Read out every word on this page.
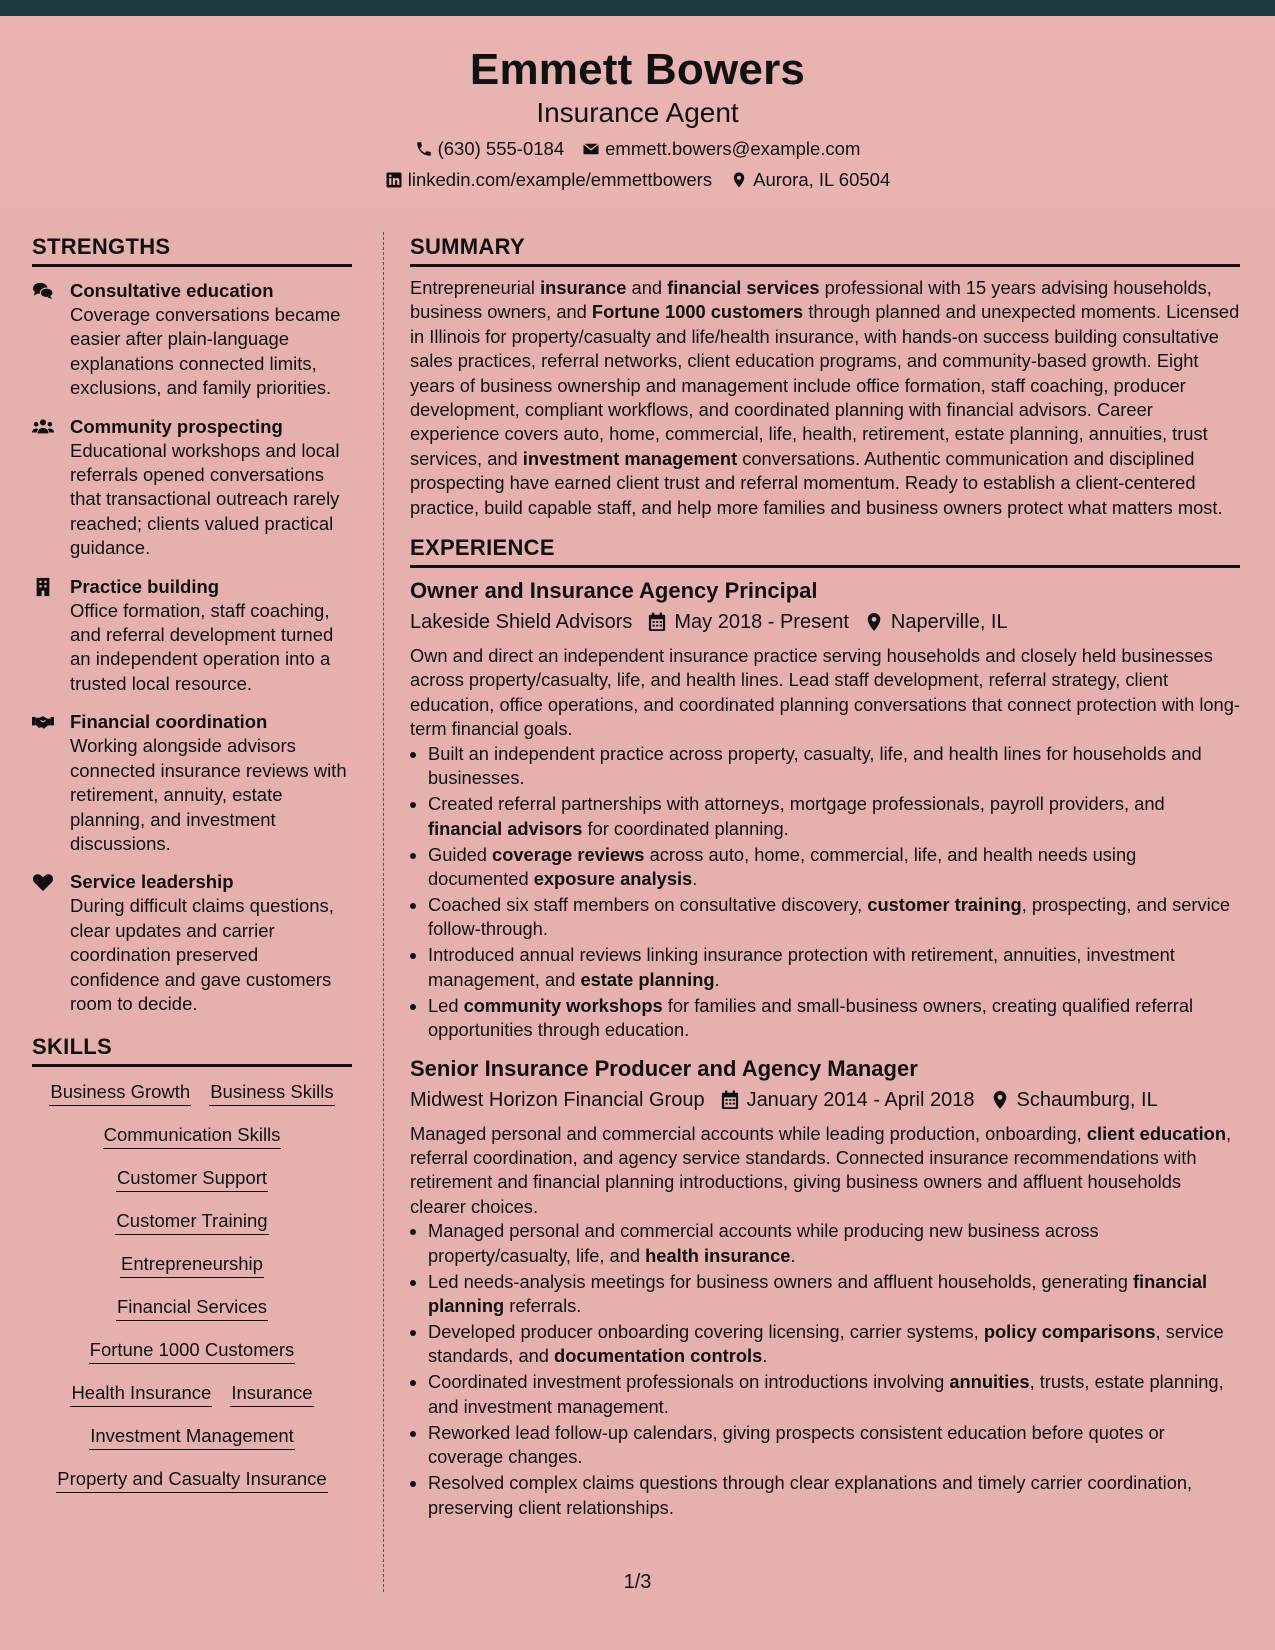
Emmett Bowers
Insurance Agent
(630) 555-0184 emmett.bowers@example.com
linkedin.com/example/emmettbowers Aurora, IL 60504
STRENGTHS
Consultative education
Coverage conversations became easier after plain-language explanations connected limits, exclusions, and family priorities.
Community prospecting
Educational workshops and local referrals opened conversations that transactional outreach rarely reached; clients valued practical guidance.
Practice building
Office formation, staff coaching, and referral development turned an independent operation into a trusted local resource.
Financial coordination
Working alongside advisors connected insurance reviews with retirement, annuity, estate planning, and investment discussions.
Service leadership
During difficult claims questions, clear updates and carrier coordination preserved confidence and gave customers room to decide.
SKILLS
Business Growth Business Skills
Communication Skills
Customer Support
Customer Training
Entrepreneurship
Financial Services
Fortune 1000 Customers
Health Insurance Insurance
Investment Management
Property and Casualty Insurance
SUMMARY
Entrepreneurial insurance and financial services professional with 15 years advising households, business owners, and Fortune 1000 customers through planned and unexpected moments. Licensed in Illinois for property/casualty and life/health insurance, with hands-on success building consultative sales practices, referral networks, client education programs, and community-based growth. Eight years of business ownership and management include office formation, staff coaching, producer development, compliant workflows, and coordinated planning with financial advisors. Career experience covers auto, home, commercial, life, health, retirement, estate planning, annuities, trust services, and investment management conversations. Authentic communication and disciplined prospecting have earned client trust and referral momentum. Ready to establish a client-centered practice, build capable staff, and help more families and business owners protect what matters most.
EXPERIENCE
Owner and Insurance Agency Principal
Lakeside Shield Advisors May 2018 - Present Naperville, IL
Own and direct an independent insurance practice serving households and closely held businesses across property/casualty, life, and health lines. Lead staff development, referral strategy, client education, office operations, and coordinated planning conversations that connect protection with long-term financial goals.
• Built an independent practice across property, casualty, life, and health lines for households and businesses.
• Created referral partnerships with attorneys, mortgage professionals, payroll providers, and financial advisors for coordinated planning.
• Guided coverage reviews across auto, home, commercial, life, and health needs using documented exposure analysis.
• Coached six staff members on consultative discovery, customer training, prospecting, and service follow-through.
• Introduced annual reviews linking insurance protection with retirement, annuities, investment management, and estate planning.
• Led community workshops for families and small-business owners, creating qualified referral opportunities through education.
Senior Insurance Producer and Agency Manager
Midwest Horizon Financial Group January 2014 - April 2018 Schaumburg, IL
Managed personal and commercial accounts while leading production, onboarding, client education, referral coordination, and agency service standards. Connected insurance recommendations with retirement and financial planning introductions, giving business owners and affluent households clearer choices.
• Managed personal and commercial accounts while producing new business across property/casualty, life, and health insurance.
• Led needs-analysis meetings for business owners and affluent households, generating financial planning referrals.
• Developed producer onboarding covering licensing, carrier systems, policy comparisons, service standards, and documentation controls.
• Coordinated investment professionals on introductions involving annuities, trusts, estate planning, and investment management.
• Reworked lead follow-up calendars, giving prospects consistent education before quotes or coverage changes.
• Resolved complex claims questions through clear explanations and timely carrier coordination, preserving client relationships.
1/3
